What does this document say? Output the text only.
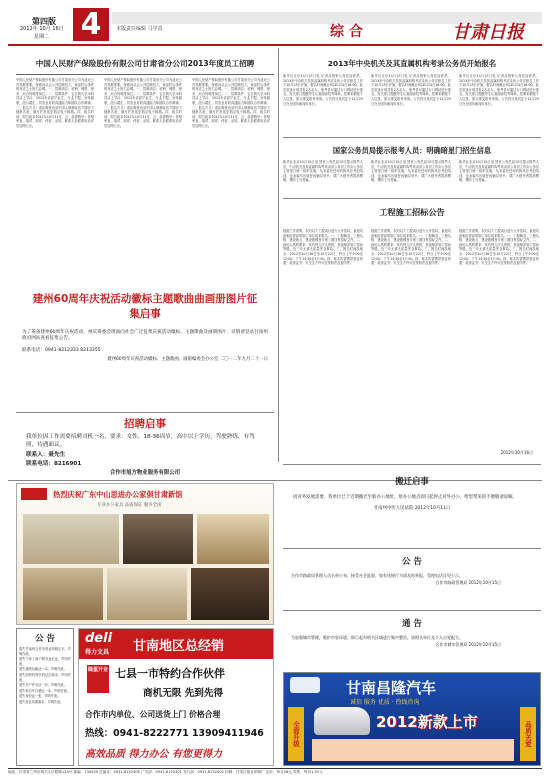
第四版
2012年 10月 16日
星期二 4	本版责任编辑 马学真	综 合	甘肃日报
中国人民财产保险股份有限公司甘肃省分公司2013年度员工招聘
中国人民财产保险股份有限公司甘肃省分公司为适应公司发展需要，现面向社会公开招聘员工，欢迎符合条件的有志之士报名应聘。一、招聘岗位：营销、理赔、财务、综合管理等岗位。二、招聘条件：全日制大学本科及以上学历，2013年应届毕业生，专业不限，身体健康，品行端正，具有良好的沟通能力和团队合作精神。三、报名方式：请应聘者登录中国人保财险官方网站下载报名表，填写后发送至指定电子邮箱。四、报名时间：即日起至2012年10月31日。五、选拔程序：资格审查、笔试、面试、体检、录用。联系人及联系电话详见官网公告。
中国人民财产保险股份有限公司甘肃省分公司为适应公司发展需要，现面向社会公开招聘员工，欢迎符合条件的有志之士报名应聘。一、招聘岗位：营销、理赔、财务、综合管理等岗位。二、招聘条件：全日制大学本科及以上学历，2013年应届毕业生，专业不限，身体健康，品行端正，具有良好的沟通能力和团队合作精神。三、报名方式：请应聘者登录中国人保财险官方网站下载报名表，填写后发送至指定电子邮箱。四、报名时间：即日起至2012年10月31日。五、选拔程序：资格审查、笔试、面试、体检、录用。联系人及联系电话详见官网公告。
中国人民财产保险股份有限公司甘肃省分公司为适应公司发展需要，现面向社会公开招聘员工，欢迎符合条件的有志之士报名应聘。一、招聘岗位：营销、理赔、财务、综合管理等岗位。二、招聘条件：全日制大学本科及以上学历，2013年应届毕业生，专业不限，身体健康，品行端正，具有良好的沟通能力和团队合作精神。三、报名方式：请应聘者登录中国人保财险官方网站下载报名表，填写后发送至指定电子邮箱。四、报名时间：即日起至2012年10月31日。五、选拔程序：资格审查、笔试、面试、体检、录用。联系人及联系电话详见官网公告。
2013年中央机关及其直属机构考录公务员开始报名
新华社北京10月15日电 记者从国家公务员局获悉，2013年中央机关及其直属机构考试录用公务员报名工作于10月15日开始，报名时间截止到10月24日18:00。此次招录计划共有2万余人，报考者可通过专门网站进行报名。有关部门提醒考生认真阅读招考简章，按要求填报个人信息，如实提交报考申请。公共科目笔试定于11月25日在全国各地同时举行。
新华社北京10月15日电 记者从国家公务员局获悉，2013年中央机关及其直属机构考试录用公务员报名工作于10月15日开始，报名时间截止到10月24日18:00。此次招录计划共有2万余人，报考者可通过专门网站进行报名。有关部门提醒考生认真阅读招考简章，按要求填报个人信息，如实提交报考申请。公共科目笔试定于11月25日在全国各地同时举行。
新华社北京10月15日电 记者从国家公务员局获悉，2013年中央机关及其直属机构考试录用公务员报名工作于10月15日开始，报名时间截止到10月24日18:00。此次招录计划共有2万余人，报考者可通过专门网站进行报名。有关部门提醒考生认真阅读招考简章，按要求填报个人信息，如实提交报考申请。公共科目笔试定于11月25日在全国各地同时举行。
国家公务员局提示报考人员：明确暗星门招生信息
新华社北京10月15日电 国家公务员局15日提示报考人员，中央机关及其直属机构考试录用公务员工作由公务员主管部门统一组织实施，从未委托任何机构举办考前培训，也未编写出版任何辅导用书，请广大报考者提高警惕，谨防上当受骗。
新华社北京10月15日电 国家公务员局15日提示报考人员，中央机关及其直属机构考试录用公务员工作由公务员主管部门统一组织实施，从未委托任何机构举办考前培训，也未编写出版任何辅导用书，请广大报考者提高警惕，谨防上当受骗。
新华社北京10月15日电 国家公务员局15日提示报考人员，中央机关及其直属机构考试录用公务员工作由公务员主管部门统一组织实施，从未委托任何机构举办考前培训，也未编写出版任何辅导用书，请广大报考者提高警惕，谨防上当受骗。
建州60周年庆祝活动徽标主题歌曲曲画册图片征集启事
为了筹备建州60周年庆祝活动，州庆筹委会现面向社会广泛征集庆祝活动徽标、主题歌曲及画册图片，详情请登录甘南州政府网站查看征集公告。
联系电话：0941-8212333 8213355
建州60周年庆祝活动徽标、主题歌曲、画册编委会办公室 二〇一二年九月二十一日
工程施工招标公告
根据工作需要，现对以下工程项目进行公开招标，欢迎具备相应资质的施工单位前来报名。一、工程概况：工程名称、建设地点、建设规模及计划工期详见招标文件。二、投标人资格要求：具有独立法人资格，具备相应施工资质等级，近三年无重大质量安全事故。三、报名时间及地点：2012年10月16日至10月22日，每日上午9:00至12:00，下午14:30至17:30。四、报名时需携带营业执照、资质证书、安全生产许可证等原件及复印件。
根据工作需要，现对以下工程项目进行公开招标，欢迎具备相应资质的施工单位前来报名。一、工程概况：工程名称、建设地点、建设规模及计划工期详见招标文件。二、投标人资格要求：具有独立法人资格，具备相应施工资质等级，近三年无重大质量安全事故。三、报名时间及地点：2012年10月16日至10月22日，每日上午9:00至12:00，下午14:30至17:30。四、报名时需携带营业执照、资质证书、安全生产许可证等原件及复印件。
根据工作需要，现对以下工程项目进行公开招标，欢迎具备相应资质的施工单位前来报名。一、工程概况：工程名称、建设地点、建设规模及计划工期详见招标文件。二、投标人资格要求：具有独立法人资格，具备相应施工资质等级，近三年无重大质量安全事故。三、报名时间及地点：2012年10月16日至10月22日，每日上午9:00至12:00，下午14:30至17:30。四、报名时需携带营业执照、资质证书、安全生产许可证等原件及复印件。
2012年10月16日
招聘启事
我单位因工作需要招聘司机一名，要求：女性，18-36周岁，高中以上学历，驾驶熟练，有驾照，待遇面议。
联系人：聂先生
联系电话：8216901
合作市旭方物业服务有限公司
热烈庆祝广东中山思进办公家俱甘肃新馆
专业办公家具 品质保证 服务全国
搬迁启事
因业务发展需要，我单位已于近期搬迁至新办公地址，原办公地点即日起停止对外办公，给您带来的不便敬请谅解。
甘南州中医人民法院 2012年10月11日
公 告
合作市路政局管理人员名单公布，接受社会监督，如有违规行为请及时举报，受理电话详见公示。
合作市路政管理局 2012年10月15日
通 告
为加强城市管理，维护市容环境，即日起对相关区域进行集中整治，请相关单位及个人自觉配合。
合作市城市管理局 2012年10月15日
公 告
遗失甘南州合作市营业执照正本，声明作废。
遗失个体工商户税务登记证，声明作废。
遗失道路运输证一本，声明作废。
遗失组织机构代码证正副本，声明作废。
遗失开户许可证一份，声明作废。
遗失机动车行驶证一本，声明作废。
遗失身份证一张，声明作废。
遗失营业执照副本，声明作废。
deli
得力文具 甘南地区总经销
隆重开业 七县一市特约合作伙伴
商机无限 先到先得
合作市内单位、公司送货上门 价格合理
热线：0941-8222771 13909411946
高效品质 得力办公 有您更得力
甘南昌隆汽车
诚信 服务 优质 · 热线咨询
全面升级	品质关爱
2012新款上市
地址：甘肃省兰州市城关区庆阳路123号 邮编：730030 总编室：0931-8152400 广告部：0931-8152401 发行部：0931-8152402 印刷：甘肃日报社印刷厂 定价：每月36元 零售：每份1.50元
